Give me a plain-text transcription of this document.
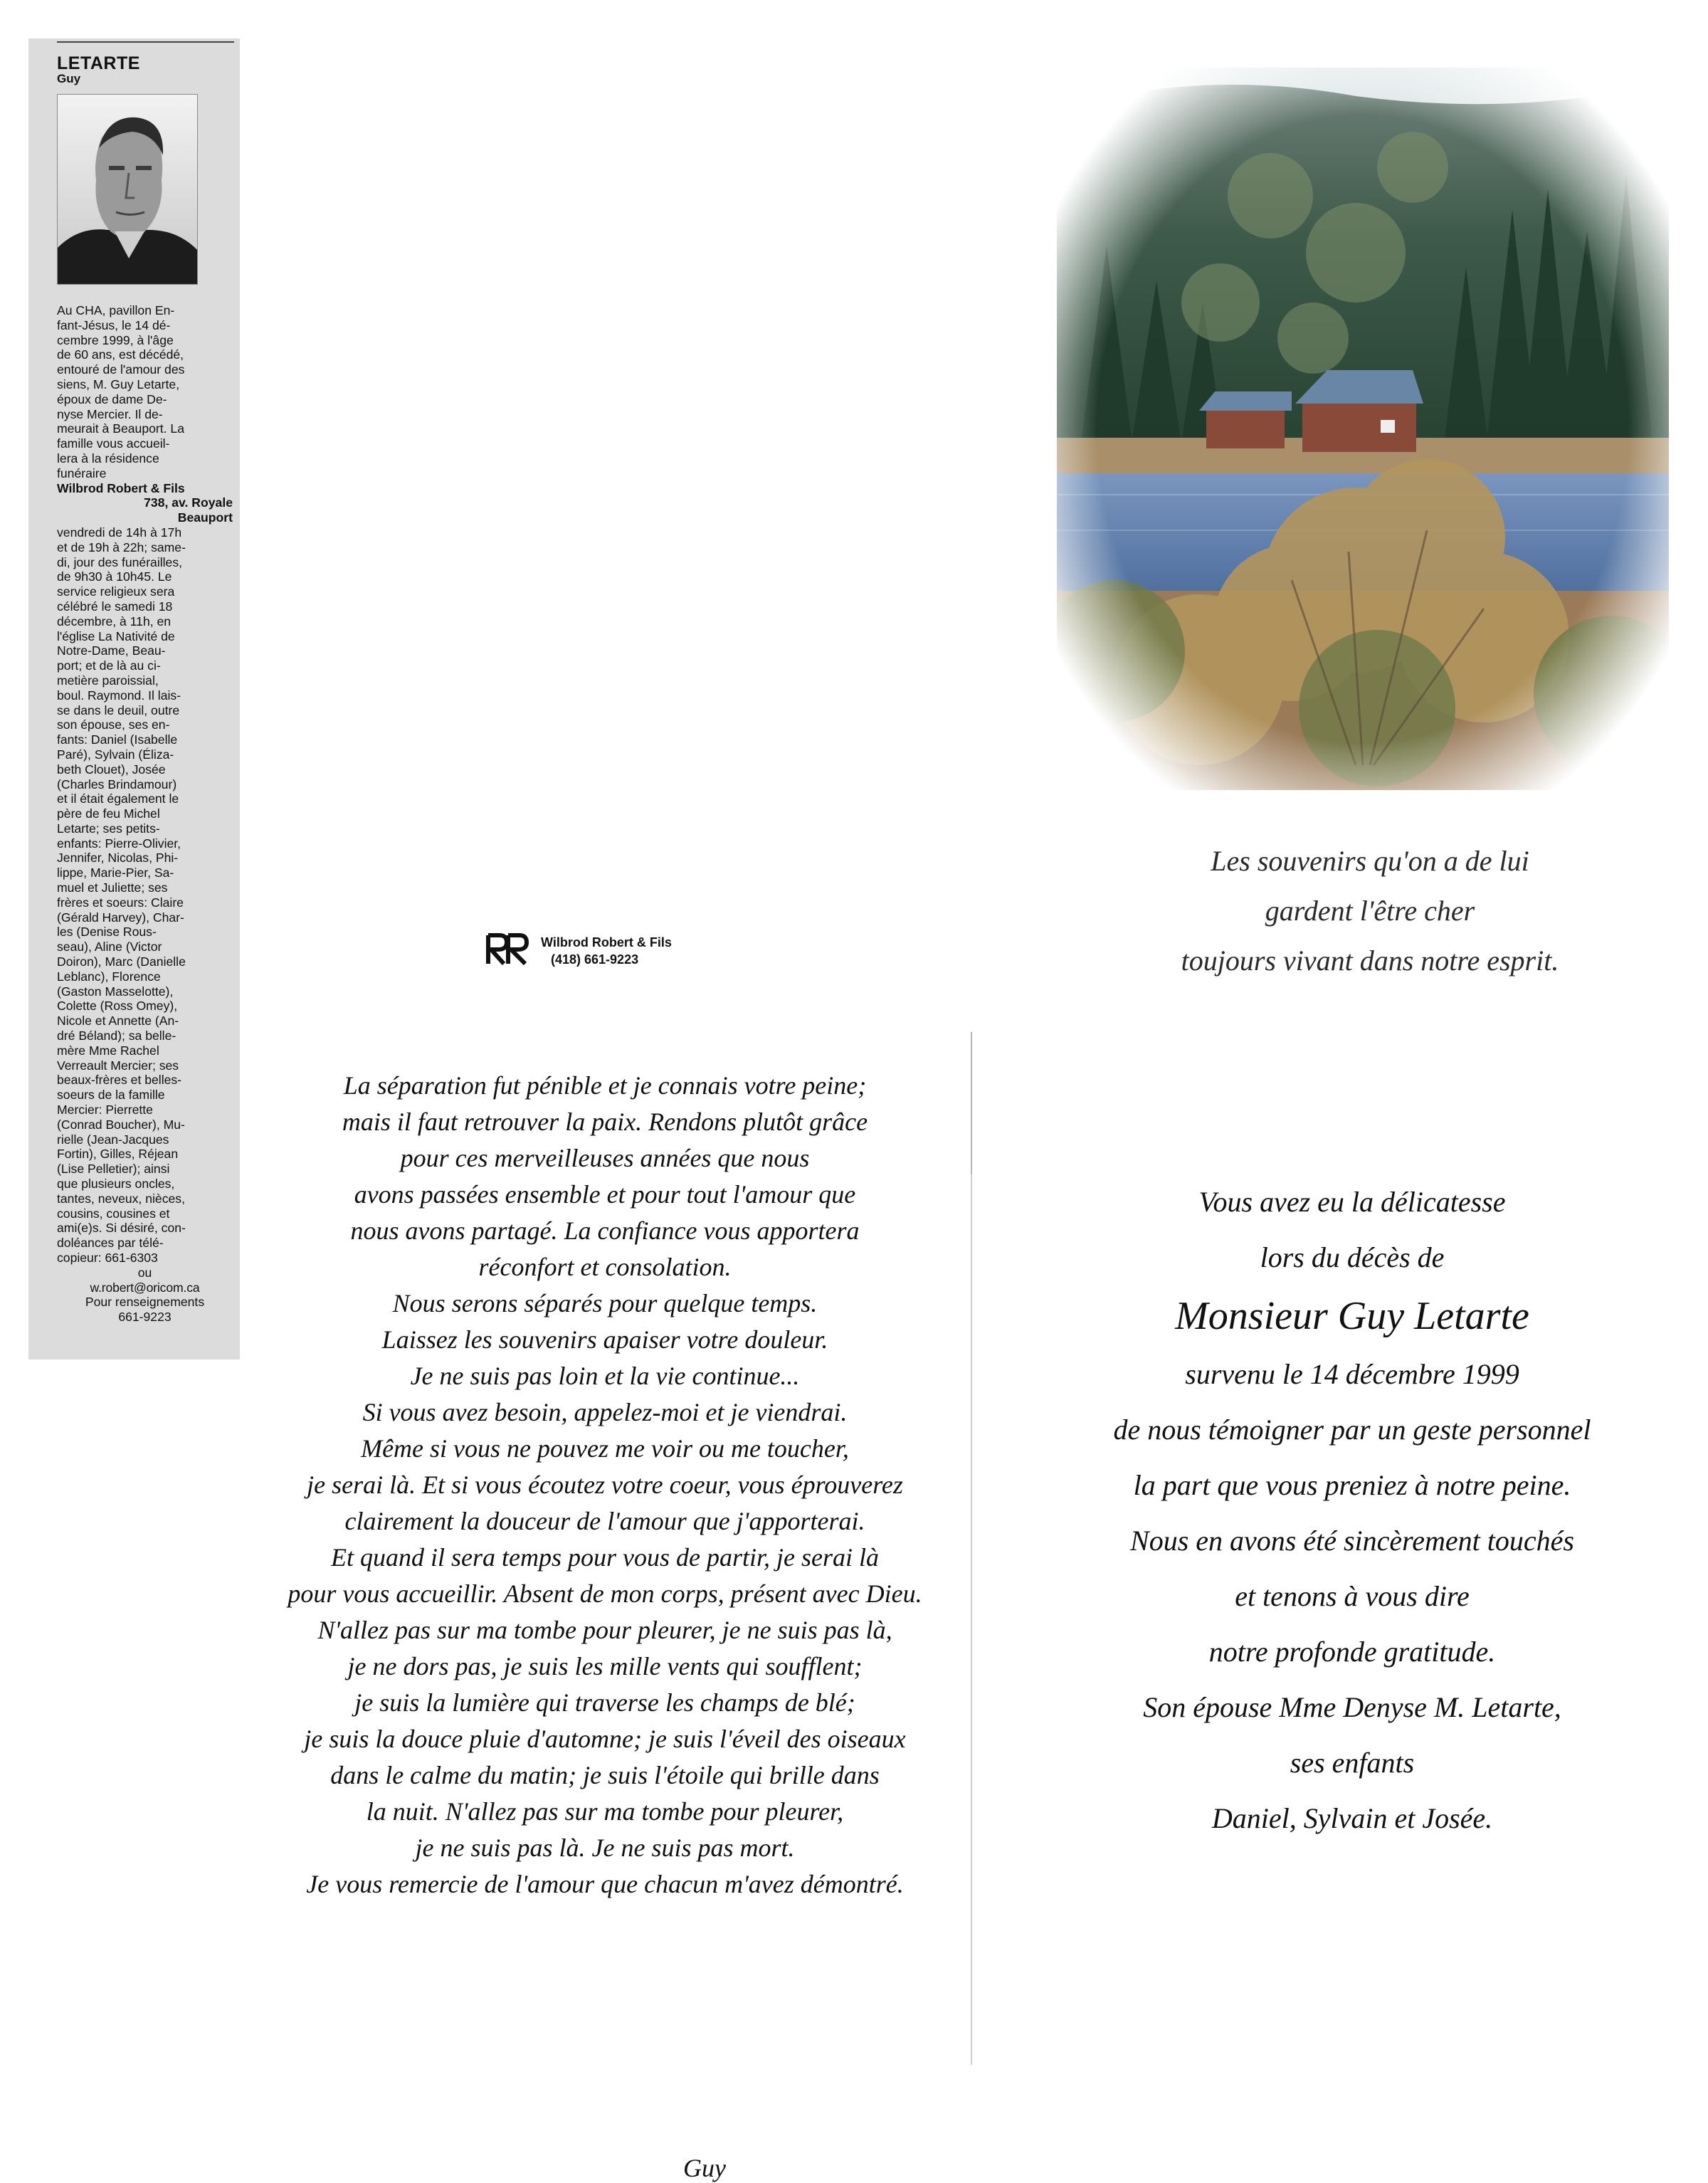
LETARTE
Guy

Au CHA, pavillon En-

fant-Jésus, le 14 dé-

cembre 1999, à l'âge

de 60 ans, est décédé,

entouré de l'amour des

siens, M. Guy Letarte,

époux de dame De-

nyse Mercier. Il de-

meurait à Beauport. La

famille vous accueil-

lera à la résidence

funéraire

Wilbrod Robert & Fils

738, av. Royale

Beauport

vendredi de 14h à 17h

et de 19h à 22h; same-

di, jour des funérailles,

de 9h30 à 10h45. Le

service religieux sera

célébré le samedi 18

décembre, à 11h, en

l'église La Nativité de

Notre-Dame, Beau-

port; et de là au ci-

metière paroissial,

boul. Raymond. Il lais-

se dans le deuil, outre

son épouse, ses en-

fants: Daniel (Isabelle

Paré), Sylvain (Éliza-

beth Clouet), Josée

(Charles Brindamour)

et il était également le

père de feu Michel

Letarte; ses petits-

enfants: Pierre-Olivier,

Jennifer, Nicolas, Phi-

lippe, Marie-Pier, Sa-

muel et Juliette; ses

frères et soeurs: Claire

(Gérald Harvey), Char-

les (Denise Rous-

seau), Aline (Victor

Doiron), Marc (Danielle

Leblanc), Florence

(Gaston Masselotte),

Colette (Ross Omey),

Nicole et Annette (An-

dré Béland); sa belle-

mère Mme Rachel

Verreault Mercier; ses

beaux-frères et belles-

soeurs de la famille

Mercier: Pierrette

(Conrad Boucher), Mu-

rielle (Jean-Jacques

Fortin), Gilles, Réjean

(Lise Pelletier); ainsi

que plusieurs oncles,

tantes, neveux, nièces,

cousins, cousines et

ami(e)s. Si désiré, con-

doléances par télé-

copieur: 661-6303

ou

w.robert@oricom.ca

Pour renseignements

661-9223

Wilbrod Robert & Fils
(418) 661-9223
La séparation fut pénible et je connais votre peine;
mais il faut retrouver la paix. Rendons plutôt grâce
pour ces merveilleuses années que nous
avons passées ensemble et pour tout l'amour que
nous avons partagé. La confiance vous apportera
réconfort et consolation.
Nous serons séparés pour quelque temps.
Laissez les souvenirs apaiser votre douleur.
Je ne suis pas loin et la vie continue...
Si vous avez besoin, appelez-moi et je viendrai.
Même si vous ne pouvez me voir ou me toucher,
je serai là. Et si vous écoutez votre coeur, vous éprouverez
clairement la douceur de l'amour que j'apporterai.
Et quand il sera temps pour vous de partir, je serai là
pour vous accueillir. Absent de mon corps, présent avec Dieu.
N'allez pas sur ma tombe pour pleurer, je ne suis pas là,
je ne dors pas, je suis les mille vents qui soufflent;
je suis la lumière qui traverse les champs de blé;
je suis la douce pluie d'automne; je suis l'éveil des oiseaux
dans le calme du matin; je suis l'étoile qui brille dans
la nuit. N'allez pas sur ma tombe pour pleurer,
je ne suis pas là. Je ne suis pas mort.
Je vous remercie de l'amour que chacun m'avez démontré.
Guy
Les souvenirs qu'on a de lui
gardent l'être cher
toujours vivant dans notre esprit.
Vous avez eu la délicatesse
lors du décès de
Monsieur Guy Letarte
survenu le 14 décembre 1999
de nous témoigner par un geste personnel
la part que vous preniez à notre peine.
Nous en avons été sincèrement touchés
et tenons à vous dire
notre profonde gratitude.
Son épouse Mme Denyse M. Letarte,
ses enfants
Daniel, Sylvain et Josée.
